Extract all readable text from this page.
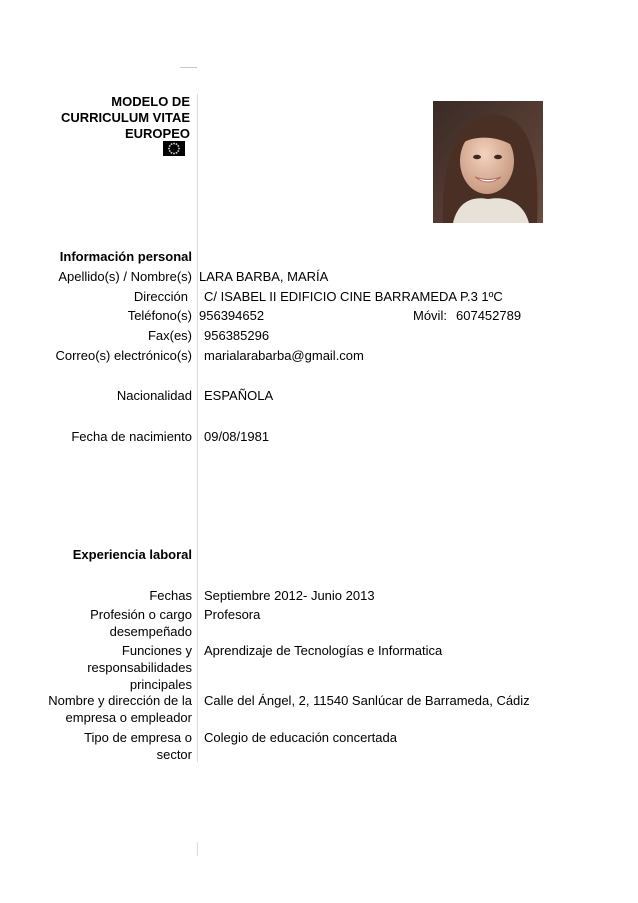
MODELO DE
CURRICULUM VITAE
EUROPEO
Información personal
Apellido(s) / Nombre(s) LARA BARBA, MARÍA
Dirección C/ ISABEL II EDIFICIO CINE BARRAMEDA P.3 1ºC
Teléfono(s) 956394652	Móvil: 607452789
Fax(es) 956385296
Correo(s) electrónico(s) marialarabarba@gmail.com
Nacionalidad ESPAÑOLA
Fecha de nacimiento 09/08/1981
Experiencia laboral
Fechas Septiembre 2012- Junio 2013
Profesión o cargo desempeñado
Profesora
Funciones y responsabilidades principales
Aprendizaje de Tecnologías e Informatica
Nombre y dirección de la empresa o empleador
Calle del Ángel, 2, 11540 Sanlúcar de Barrameda, Cádiz
Tipo de empresa o sector
Colegio de educación concertada
